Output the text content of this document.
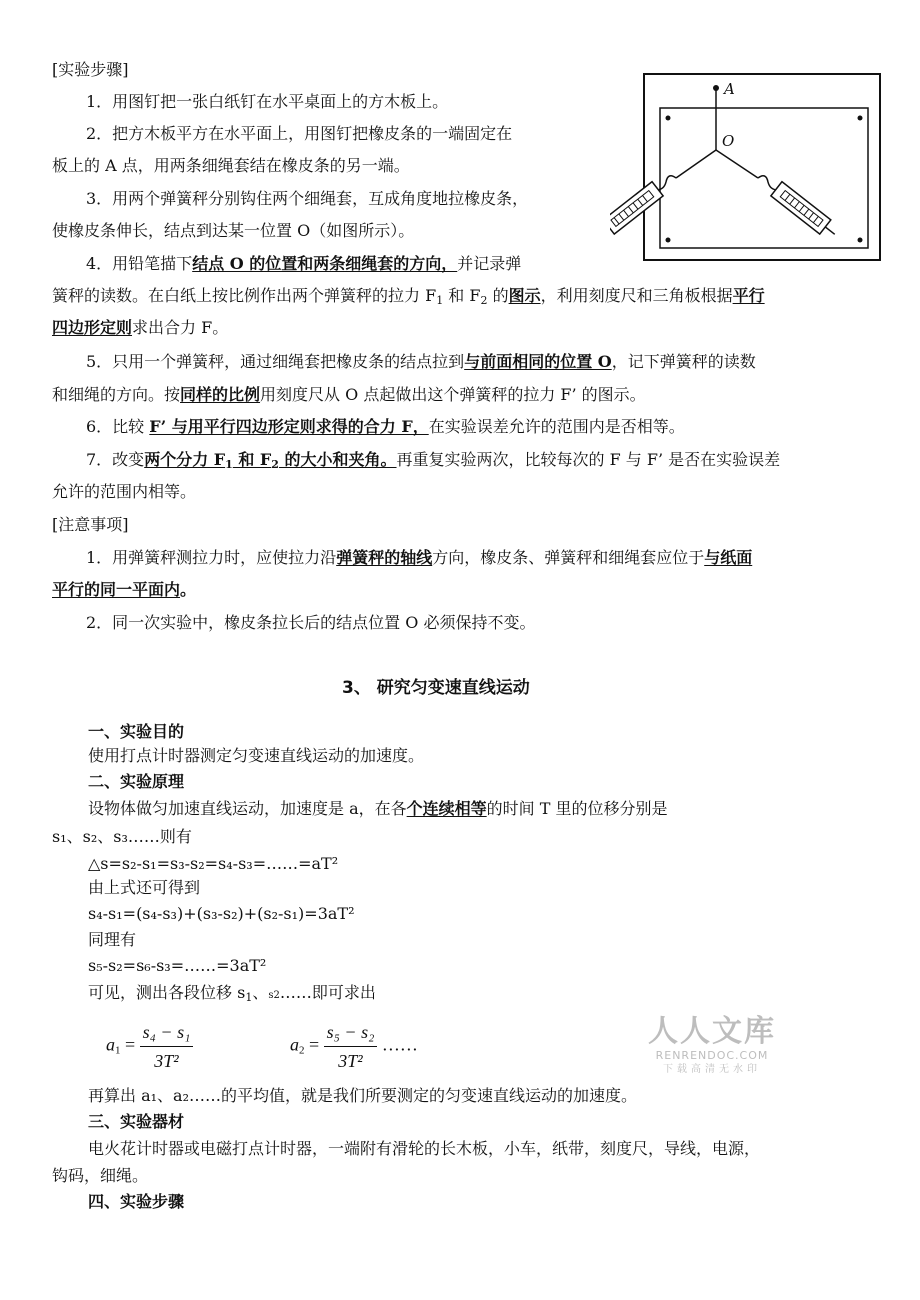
[实验步骤]
1．用图钉把一张白纸钉在水平桌面上的方木板上。
2．把方木板平方在水平面上，用图钉把橡皮条的一端固定在
板上的 A 点，用两条细绳套结在橡皮条的另一端。
3．用两个弹簧秤分别钩住两个细绳套，互成角度地拉橡皮条，
使橡皮条伸长，结点到达某一位置 O（如图所示）。
4．用铅笔描下结点 O 的位置和两条细绳套的方向，并记录弹
簧秤的读数。在白纸上按比例作出两个弹簧秤的拉力 $F_1$ 和 $F_2$ 的图示，利用刻度尺和三角板根据平行
四边形定则求出合力 F。
5．只用一个弹簧秤，通过细绳套把橡皮条的结点拉到与前面相同的位置 O，记下弹簧秤的读数
和细绳的方向。按同样的比例用刻度尺从 O 点起做出这个弹簧秤的拉力 F’ 的图示。
6．比较 F’ 与用平行四边形定则求得的合力 F，在实验误差允许的范围内是否相等。
7．改变两个分力 $F_1$ 和 $F_2$ 的大小和夹角。再重复实验两次，比较每次的 F 与 F’ 是否在实验误差
允许的范围内相等。
[注意事项]
1．用弹簧秤测拉力时，应使拉力沿弹簧秤的轴线方向，橡皮条、弹簧秤和细绳套应位于与纸面
平行的同一平面内。
2．同一次实验中，橡皮条拉长后的结点位置 O 必须保持不变。
A
O
3、 研究匀变速直线运动
一、实验目的
使用打点计时器测定匀变速直线运动的加速度。
二、实验原理
设物体做匀加速直线运动，加速度是 a，在各个连续相等的时间 T 里的位移分别是
s₁、s₂、s₃……则有
△s=s₂-s₁=s₃-s₂=s₄-s₃=……=aT²
由上式还可得到
s₄-s₁=(s₄-s₃)+(s₃-s₂)+(s₂-s₁)=3aT²
同理有
s₅-s₂=s₆-s₃=……=3aT²
可见，测出各段位移 $s_1$、s2……即可求出
$a_1 = \frac{\text{s₄ − s₁}}{\text{3T²}}$	$a_2 = \frac{\text{s₅ − s₂}}{\text{3T²}}$ ……
再算出 a₁、a₂……的平均值，就是我们所要测定的匀变速直线运动的加速度。
三、实验器材
电火花计时器或电磁打点计时器，一端附有滑轮的长木板，小车，纸带，刻度尺，导线，电源，
钩码，细绳。
四、实验步骤
人人文库
RENRENDOC.COM
下载高清无水印
